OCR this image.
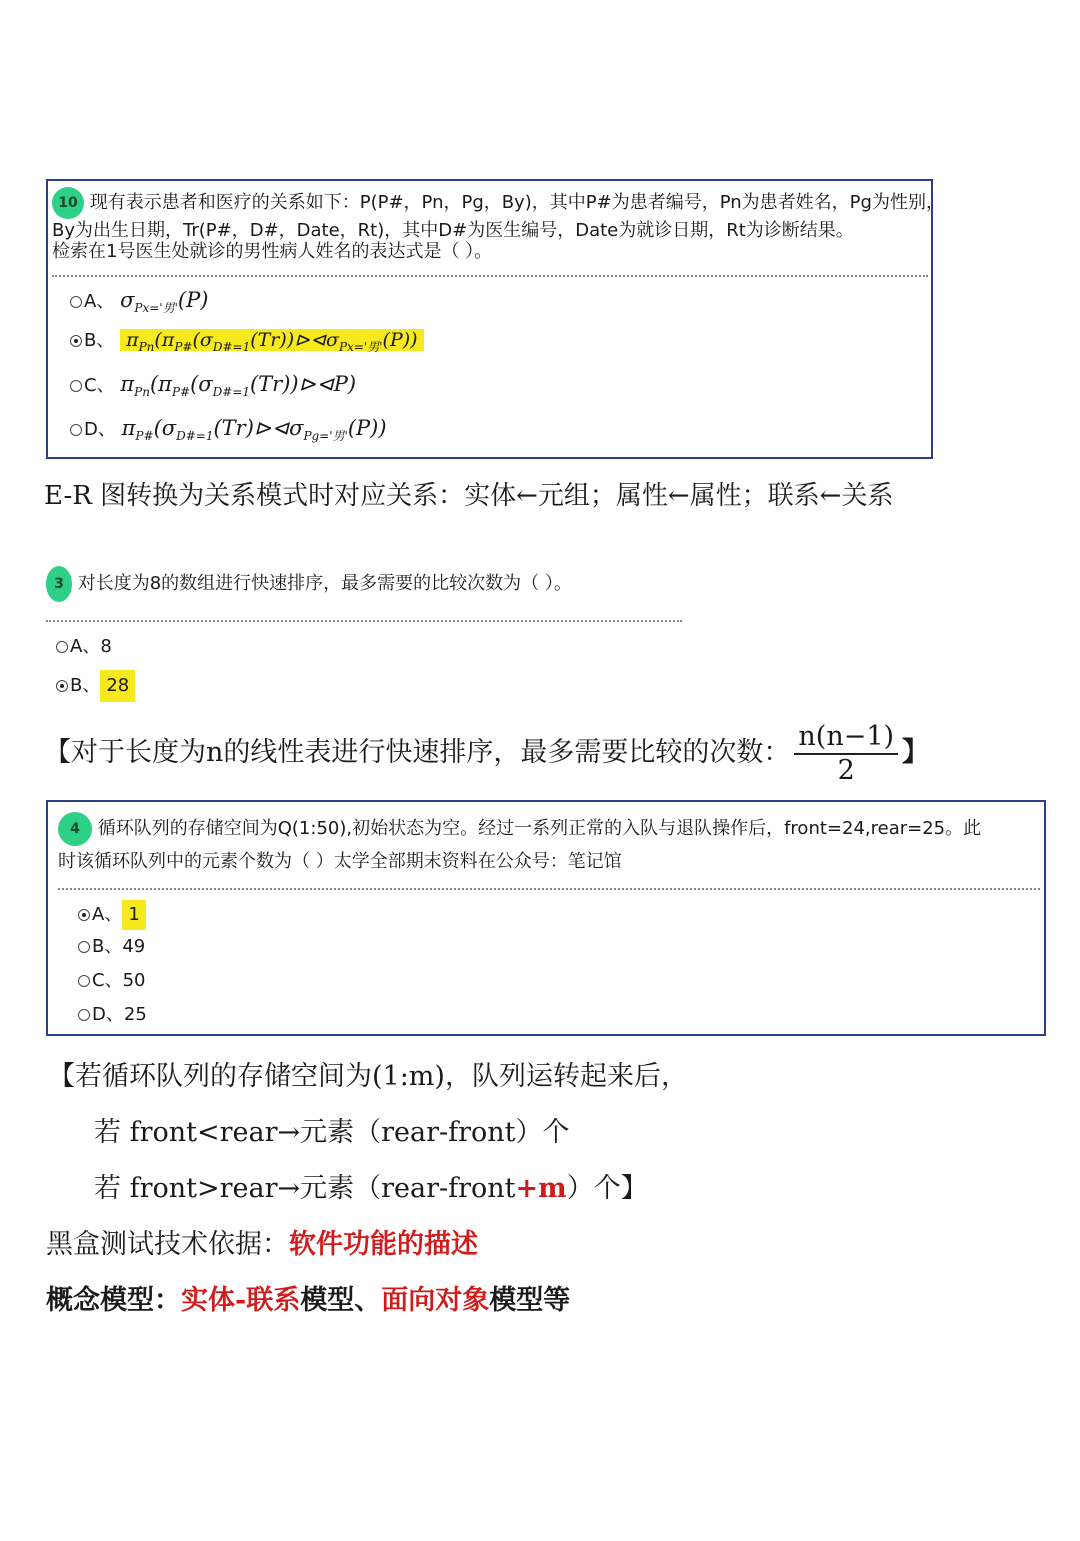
10 现有表示患者和医疗的关系如下：P(P#，Pn，Pg，By)，其中P#为患者编号，Pn为患者姓名，Pg为性别，
By为出生日期，Tr(P#，D#，Date，Rt)，其中D#为医生编号，Date为就诊日期，Rt为诊断结果。
检索在1号医生处就诊的男性病人姓名的表达式是（ ）。
A、 $\sigma_{Px='男'}(P)$
B、 $\pi_{Pn}(\pi_{P\#}(\sigma_{D\#=1}(Tr))⊳⊲\sigma_{Px='男'}(P))$
C、 $\pi_{Pn}(\pi_{P\#}(\sigma_{D\#=1}(Tr))⊳⊲P)$
D、 $\pi_{P\#}(\sigma_{D\#=1}(Tr)⊳⊲\sigma_{Pg='男'}(P))$
E-R 图转换为关系模式时对应关系：实体←元组；属性←属性；联系←关系
3 对长度为8的数组进行快速排序，最多需要的比较次数为（ ）。
A、8
B、 28
【对于长度为n的线性表进行快速排序，最多需要比较的次数： $\frac{n(n-1)}{2}$ 】
4 循环队列的存储空间为Q(1:50),初始状态为空。经过一系列正常的入队与退队操作后，front=24,rear=25。此
时该循环队列中的元素个数为（ ）太学全部期末资料在公众号：笔记馆
A、 1
B、49
C、50
D、25
【若循环队列的存储空间为(1:m)，队列运转起来后，
若 front<rear→元素（rear-front）个
若 front>rear→元素（rear-front+m）个】
黑盒测试技术依据：软件功能的描述
概念模型：实体-联系模型、面向对象模型等
